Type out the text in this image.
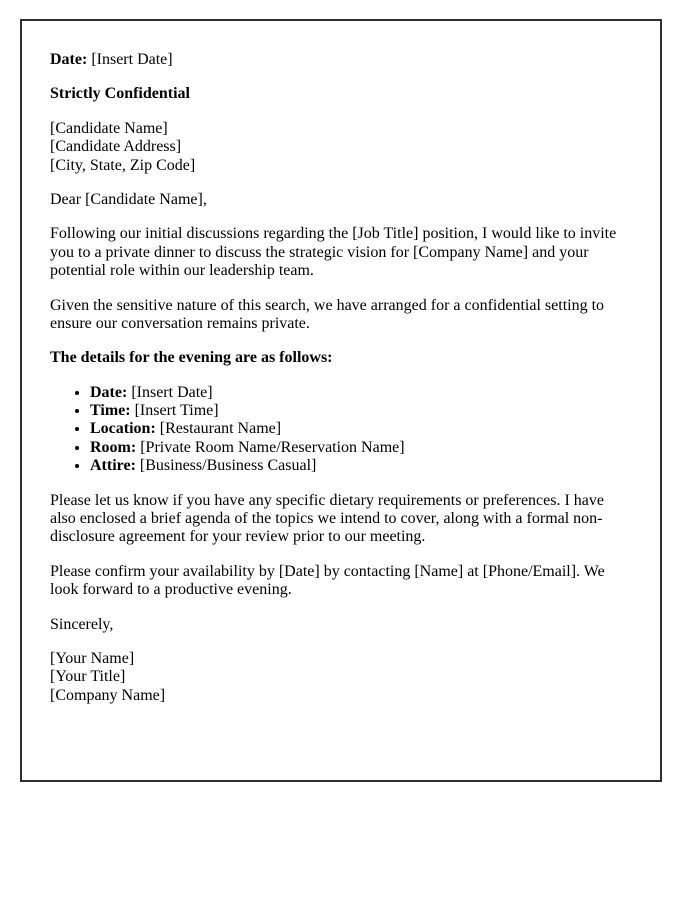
Date: [Insert Date]

Strictly Confidential

[Candidate Name]
[Candidate Address]
[City, State, Zip Code]

Dear [Candidate Name],

Following our initial discussions regarding the [Job Title] position, I would like to invite you to a private dinner to discuss the strategic vision for [Company Name] and your potential role within our leadership team.

Given the sensitive nature of this search, we have arranged for a confidential setting to ensure our conversation remains private.

The details for the evening are as follows:

• Date: [Insert Date]
• Time: [Insert Time]
• Location: [Restaurant Name]
• Room: [Private Room Name/Reservation Name]
• Attire: [Business/Business Casual]

Please let us know if you have any specific dietary requirements or preferences. I have also enclosed a brief agenda of the topics we intend to cover, along with a formal non-disclosure agreement for your review prior to our meeting.

Please confirm your availability by [Date] by contacting [Name] at [Phone/Email]. We look forward to a productive evening.

Sincerely,

[Your Name]
[Your Title]
[Company Name]
